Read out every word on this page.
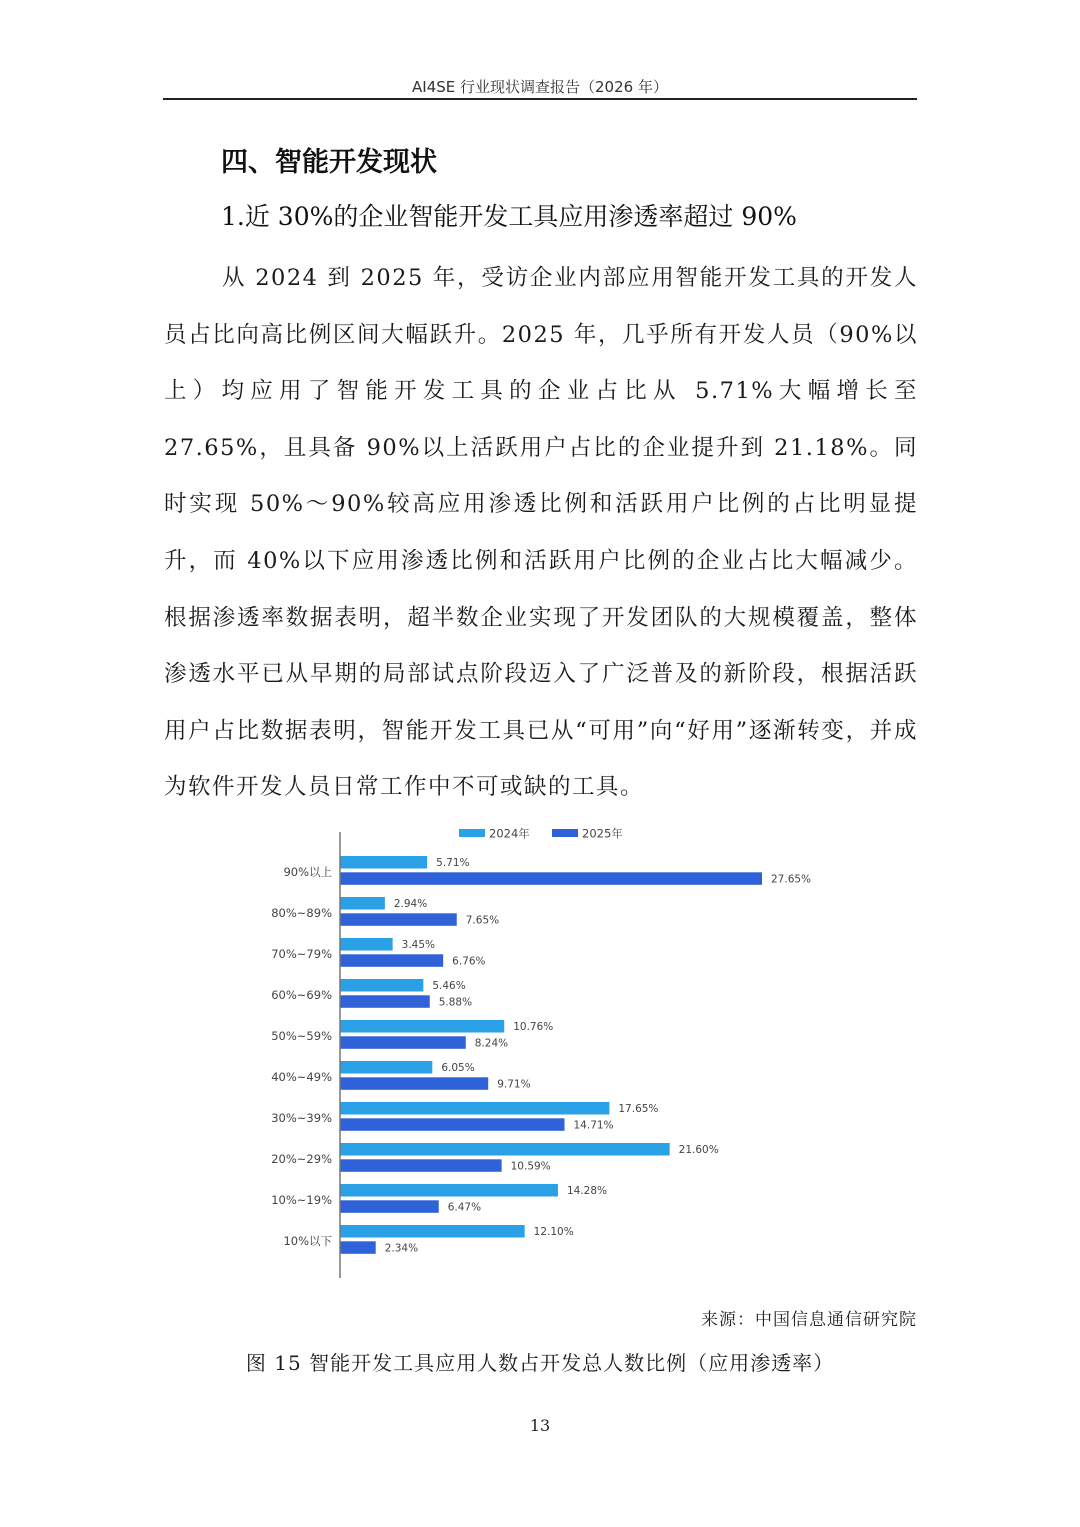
AI4SE 行业现状调查报告（2026 年）
四、智能开发现状
1.近 30%的企业智能开发工具应用渗透率超过 90%
从 2024 到 2025 年，受访企业内部应用智能开发工具的开发人员占比向高比例区间大幅跃升。2025 年，几乎所有开发人员（90%以上）均应用了智能开发工具的企业占比从 5.71%大幅增长至 27.65%，且具备 90%以上活跃用户占比的企业提升到 21.18%。同时实现 50%～90%较高应用渗透比例和活跃用户比例的占比明显提升，而 40%以下应用渗透比例和活跃用户比例的企业占比大幅减少。根据渗透率数据表明，超半数企业实现了开发团队的大规模覆盖，整体渗透水平已从早期的局部试点阶段迈入了广泛普及的新阶段，根据活跃用户占比数据表明，智能开发工具已从“可用”向“好用”逐渐转变，并成为软件开发人员日常工作中不可或缺的工具。
2024年	2025年
90%以上
5.71%
27.65%
80%~89%
2.94%
7.65%
70%~79%
3.45%
6.76%
60%~69%
5.46%
5.88%
50%~59%
10.76%
8.24%
40%~49%
6.05%
9.71%
30%~39%
17.65%
14.71%
20%~29%
21.60%
10.59%
10%~19%
14.28%
6.47%
10%以下
12.10%
2.34%
来源：中国信息通信研究院
图 15 智能开发工具应用人数占开发总人数比例（应用渗透率）
13
